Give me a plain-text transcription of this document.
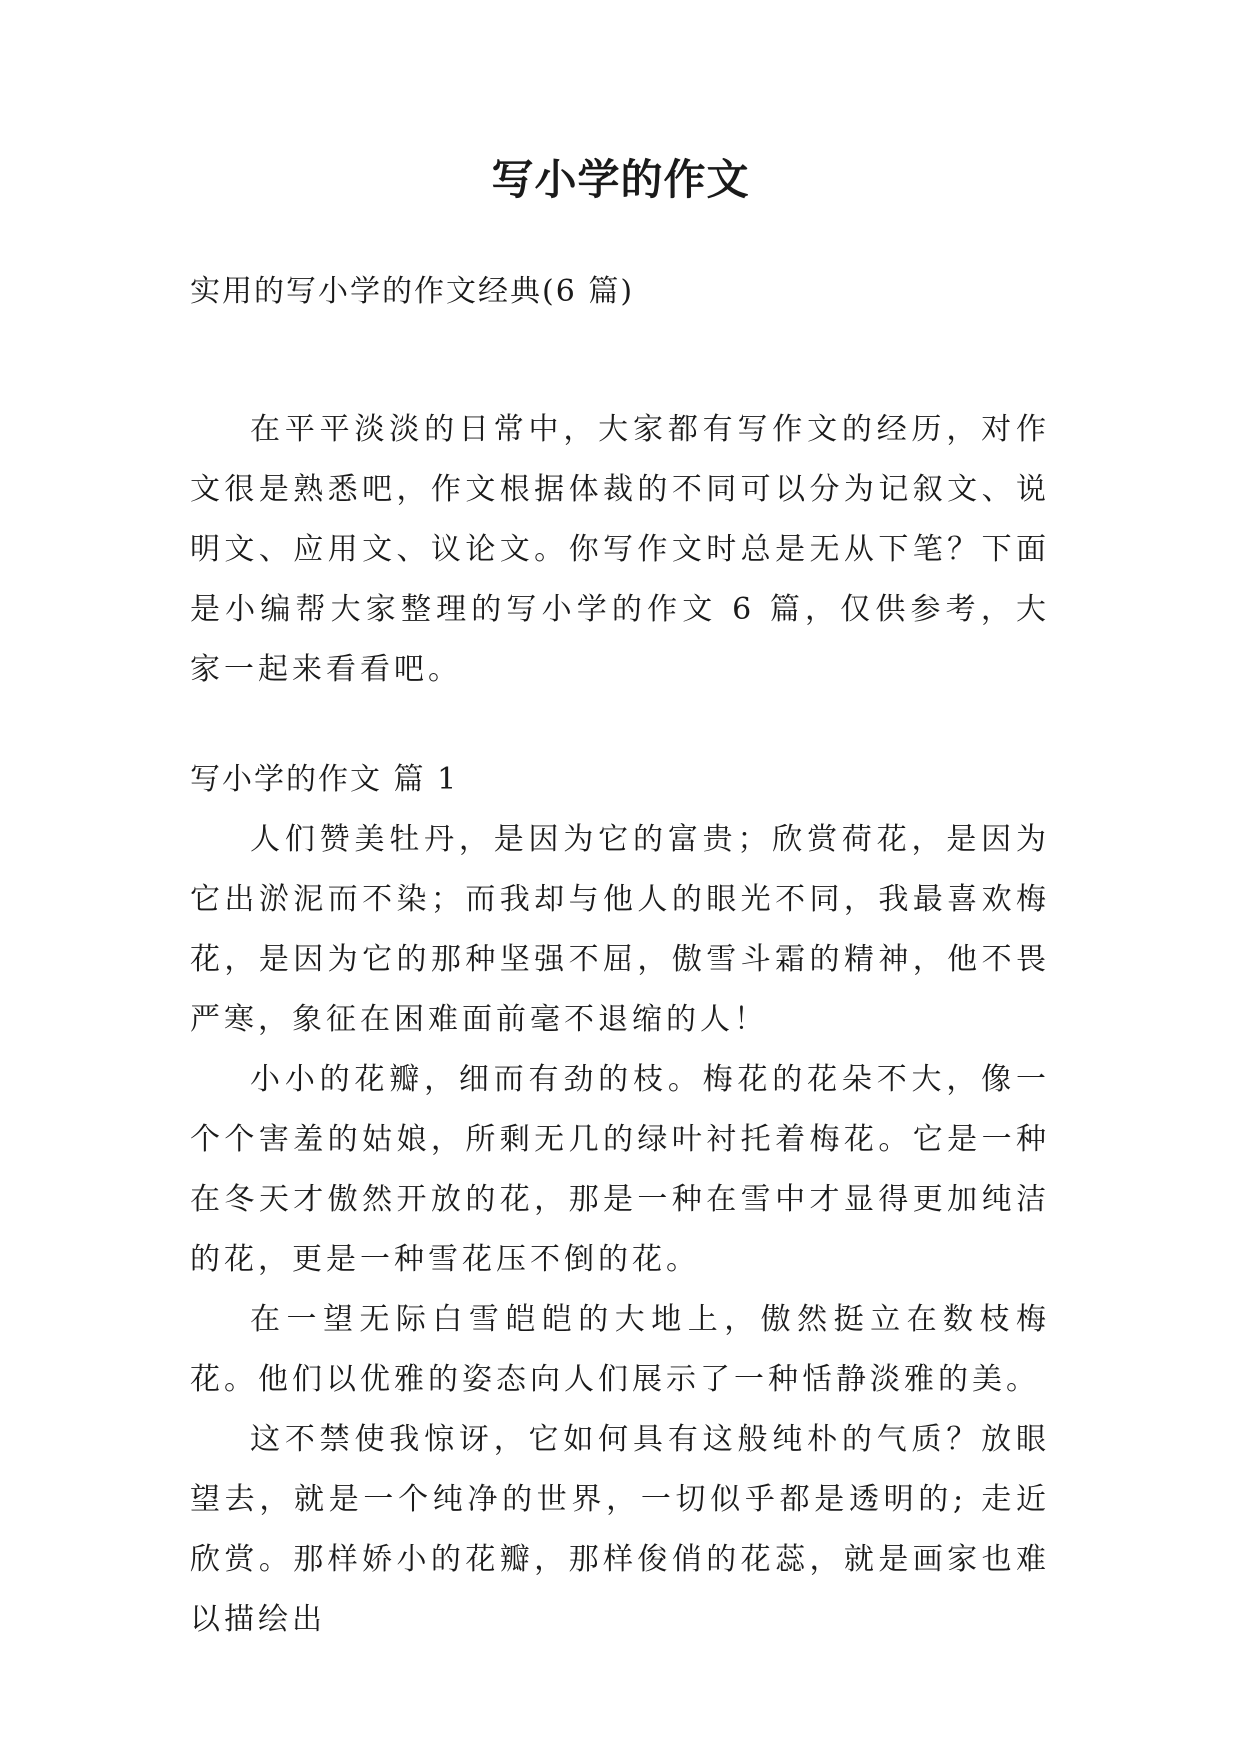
写小学的作文
实用的写小学的作文经典(6 篇)

在平平淡淡的日常中，大家都有写作文的经历，对作文很是熟悉吧，作文根据体裁的不同可以分为记叙文、说明文、应用文、议论文。你写作文时总是无从下笔？下面是小编帮大家整理的写小学的作文 6 篇，仅供参考，大家一起来看看吧。

写小学的作文 篇 1

人们赞美牡丹，是因为它的富贵；欣赏荷花，是因为它出淤泥而不染；而我却与他人的眼光不同，我最喜欢梅花，是因为它的那种坚强不屈，傲雪斗霜的精神，他不畏严寒，象征在困难面前毫不退缩的人！

小小的花瓣，细而有劲的枝。梅花的花朵不大，像一个个害羞的姑娘，所剩无几的绿叶衬托着梅花。它是一种在冬天才傲然开放的花，那是一种在雪中才显得更加纯洁的花，更是一种雪花压不倒的花。

在一望无际白雪皑皑的大地上，傲然挺立在数枝梅花。他们以优雅的姿态向人们展示了一种恬静淡雅的美。

这不禁使我惊讶，它如何具有这般纯朴的气质？放眼望去，就是一个纯净的世界，一切似乎都是透明的; 走近欣赏。那样娇小的花瓣，那样俊俏的花蕊，就是画家也难以描绘出
